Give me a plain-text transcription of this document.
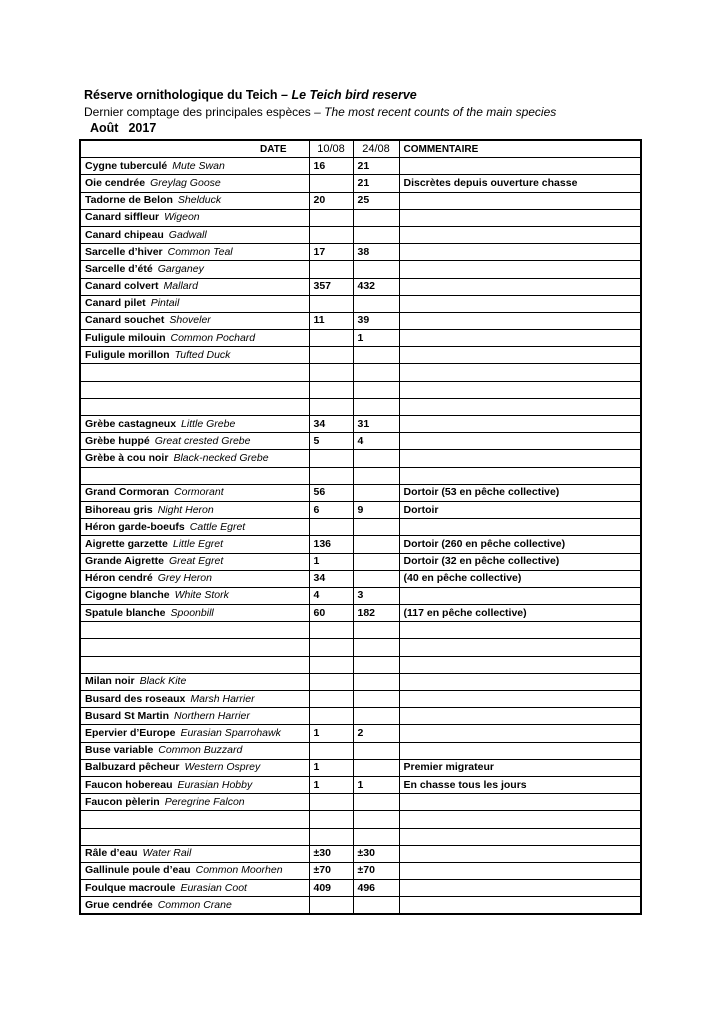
Réserve ornithologique du Teich – Le Teich bird reserve
Dernier comptage des principales espèces – The most recent counts of the main species
Août 2017
DATE	10/08	24/08	COMMENTAIRE
Cygne tuberculé Mute Swan	16	21	
Oie cendrée Greylag Goose		21	Discrètes depuis ouverture chasse
Tadorne de Belon Shelduck	20	25	
Canard siffleur Wigeon			
Canard chipeau Gadwall			
Sarcelle d’hiver Common Teal	17	38	
Sarcelle d’été Garganey			
Canard colvert Mallard	357	432	
Canard pilet Pintail			
Canard souchet Shoveler	11	39	
Fuligule milouin Common Pochard		1	
Fuligule morillon Tufted Duck			

Grèbe castagneux Little Grebe	34	31	
Grèbe huppé Great crested Grebe	5	4	
Grèbe à cou noir Black-necked Grebe			

Grand Cormoran Cormorant	56		Dortoir (53 en pêche collective)
Bihoreau gris Night Heron	6	9	Dortoir
Héron garde-boeufs Cattle Egret			
Aigrette garzette Little Egret	136		Dortoir (260 en pêche collective)
Grande Aigrette Great Egret	1		Dortoir (32 en pêche collective)
Héron cendré Grey Heron	34		(40 en pêche collective)
Cigogne blanche White Stork	4	3	
Spatule blanche Spoonbill	60	182	(117 en pêche collective)

Milan noir Black Kite			
Busard des roseaux Marsh Harrier			
Busard St Martin Northern Harrier			
Epervier d’Europe Eurasian Sparrohawk	1	2	
Buse variable Common Buzzard			
Balbuzard pêcheur Western Osprey	1		Premier migrateur
Faucon hobereau Eurasian Hobby	1	1	En chasse tous les jours
Faucon pèlerin Peregrine Falcon			

Râle d’eau Water Rail	±30	±30	
Gallinule poule d’eau Common Moorhen	±70	±70	
Foulque macroule Eurasian Coot	409	496	
Grue cendrée Common Crane			
